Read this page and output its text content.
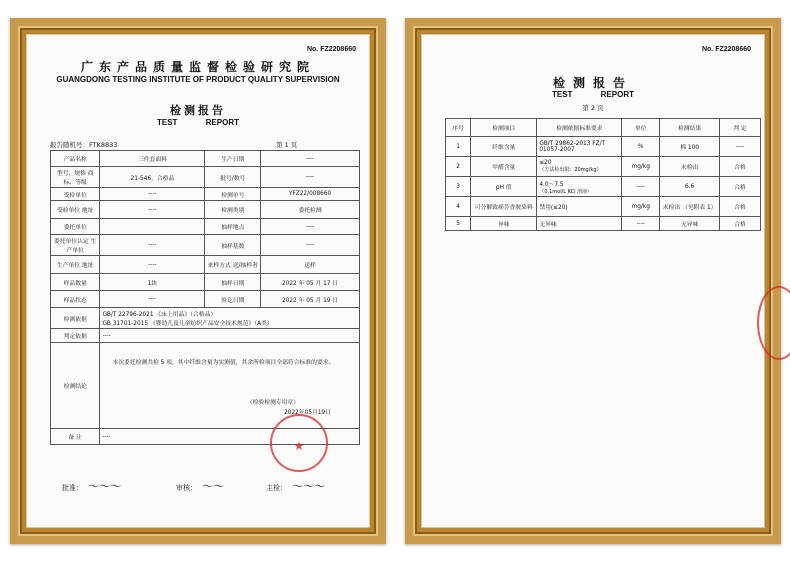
No. FZ2208660
广东产品质量监督检验研究院
GUANGDONG TESTING INSTITUTE OF PRODUCT QUALITY SUPERVISION
检测报告
TEST REPORT
报告随机号：FTK8833	第 1 页
产品名称	三件套面料	生产日期	----
型号、规格 商标、等级	21-546，合格品	批号/数号	----
受检单位	----	检测单号	YFZ22/008660
受检单位 地址	----	检测类别	委托检测
委托单位		抽样地点	----
委托单位认定 生产单位	----	抽样基数	----
生产单位 地址	----	来样方式 送/抽样者	送样
样品数量	1块	抽样日期	2022 年 05 月 17 日
样品状态	----	验讫日期	2022 年 05 月 19 日
检测依据	GB/T 22796-2021 《床上用品》（合格品）
GB 31701-2015 《婴幼儿及儿童纺织产品安全技术规范》（A类）		

判定依据	----		
检测结论	本次委托检测共检 5 项，其中纤维含量为实测值，其余所检项目全部符合标准的要求。
（检验检测专用章）
2022年05月19日		

备 注	----		
★
批准： 〜〜〜	审核： 〜〜	主检： 〜〜〜
No. FZ2208660
检测报告
TEST REPORT
第 2 页
序号	检测项目	检测依据标准要求	单位	检测结果	判 定
1	纤维含量	GB/T 29862-2013 FZ/T 01057-2007	%	棉 100	----
2	甲醛含量	≤20
（方法检出限：20mg/kg）	mg/kg	未检出	合格
3	pH 值	4.0～7.5
（0.1mol/L KCl 溶液）	----	6.6	合格
4	可分解致癌芳香胺染料	禁用(≤20)	mg/kg	未检出 （见附表 1）	合格
5	异味	无异味	----	无异味	合格
